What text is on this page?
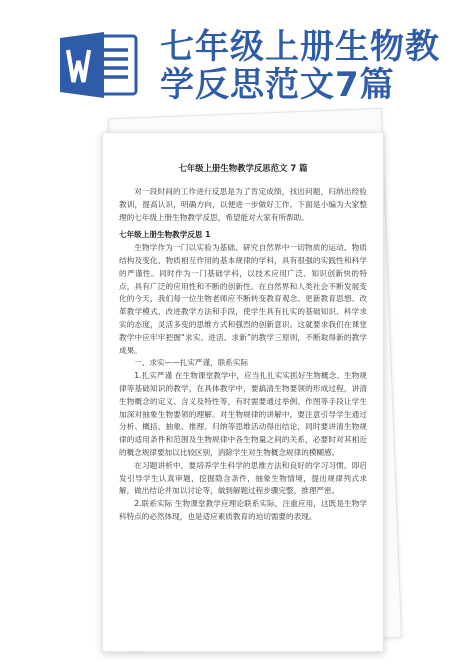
七年级上册生物教
学反思范文7篇
七年级上册生物教学反思范文 7 篇

对一段时间的工作进行反思是为了肯定成绩，找出问题，归纳出经验教训，提高认识，明确方向，以便进一步做好工作。下面是小编为大家整理的七年级上册生物教学反思，希望能对大家有所帮助。

七年级上册生物教学反思 1

生物学作为一门以实验为基础、研究自然界中一切物质的运动、物质结构及变化、物质相互作用的基本规律的学科，具有很强的实践性和科学的严谨性。同时作为一门基础学科，以技术应用广泛、知识创新快的特点，具有广泛的应用性和不断的创新性。在自然界和人类社会不断发展变化的今天，我们每一位生物老师应不断转变教育观念、更新教育思想、改革教学模式、改进教学方法和手段，使学生具有扎实的基础知识、科学求实的态度，灵活多变的思维方式和强烈的创新意识。这就要求我们在课堂教学中应牢牢把握“求实、进活、求新”的教学三原则，不断取得新的教学成果。

一、求实——扎实严谨，联系实际

1.扎实严谨 在生物课堂教学中，应当扎扎实实抓好生物概念、生物规律等基础知识的教学，在具体教学中，要搞清生物要领的形成过程，讲清生物概念的定义、含义及特性等，有时需要通过举例、作图等手段让学生加深对抽象生物要领的理解。对生物规律的讲解中，要注意引导学生通过分析、概括、抽象、推理、归纳等思维活动得出结论，同时要讲清生物规律的适用条件和范围及生物规律中各生物量之间的关系，必要时对其相近的概念规律要加以比较区别，消除学生对生物概念规律的模糊感。

在习题讲析中，要培养学生科学的思维方法和良好的学习习惯。即启发引导学生认真审题，挖掘隐含条件，抽象生物情境，提出规律列式求解，做出结论并加以讨论等，做到解题过程步骤完整，推理严密。

2.联系实际 生物课堂教学应理论联系实际，注重应用，这既是生物学科特点的必然体现，也是适应素质教育的迫切需要的表现。
